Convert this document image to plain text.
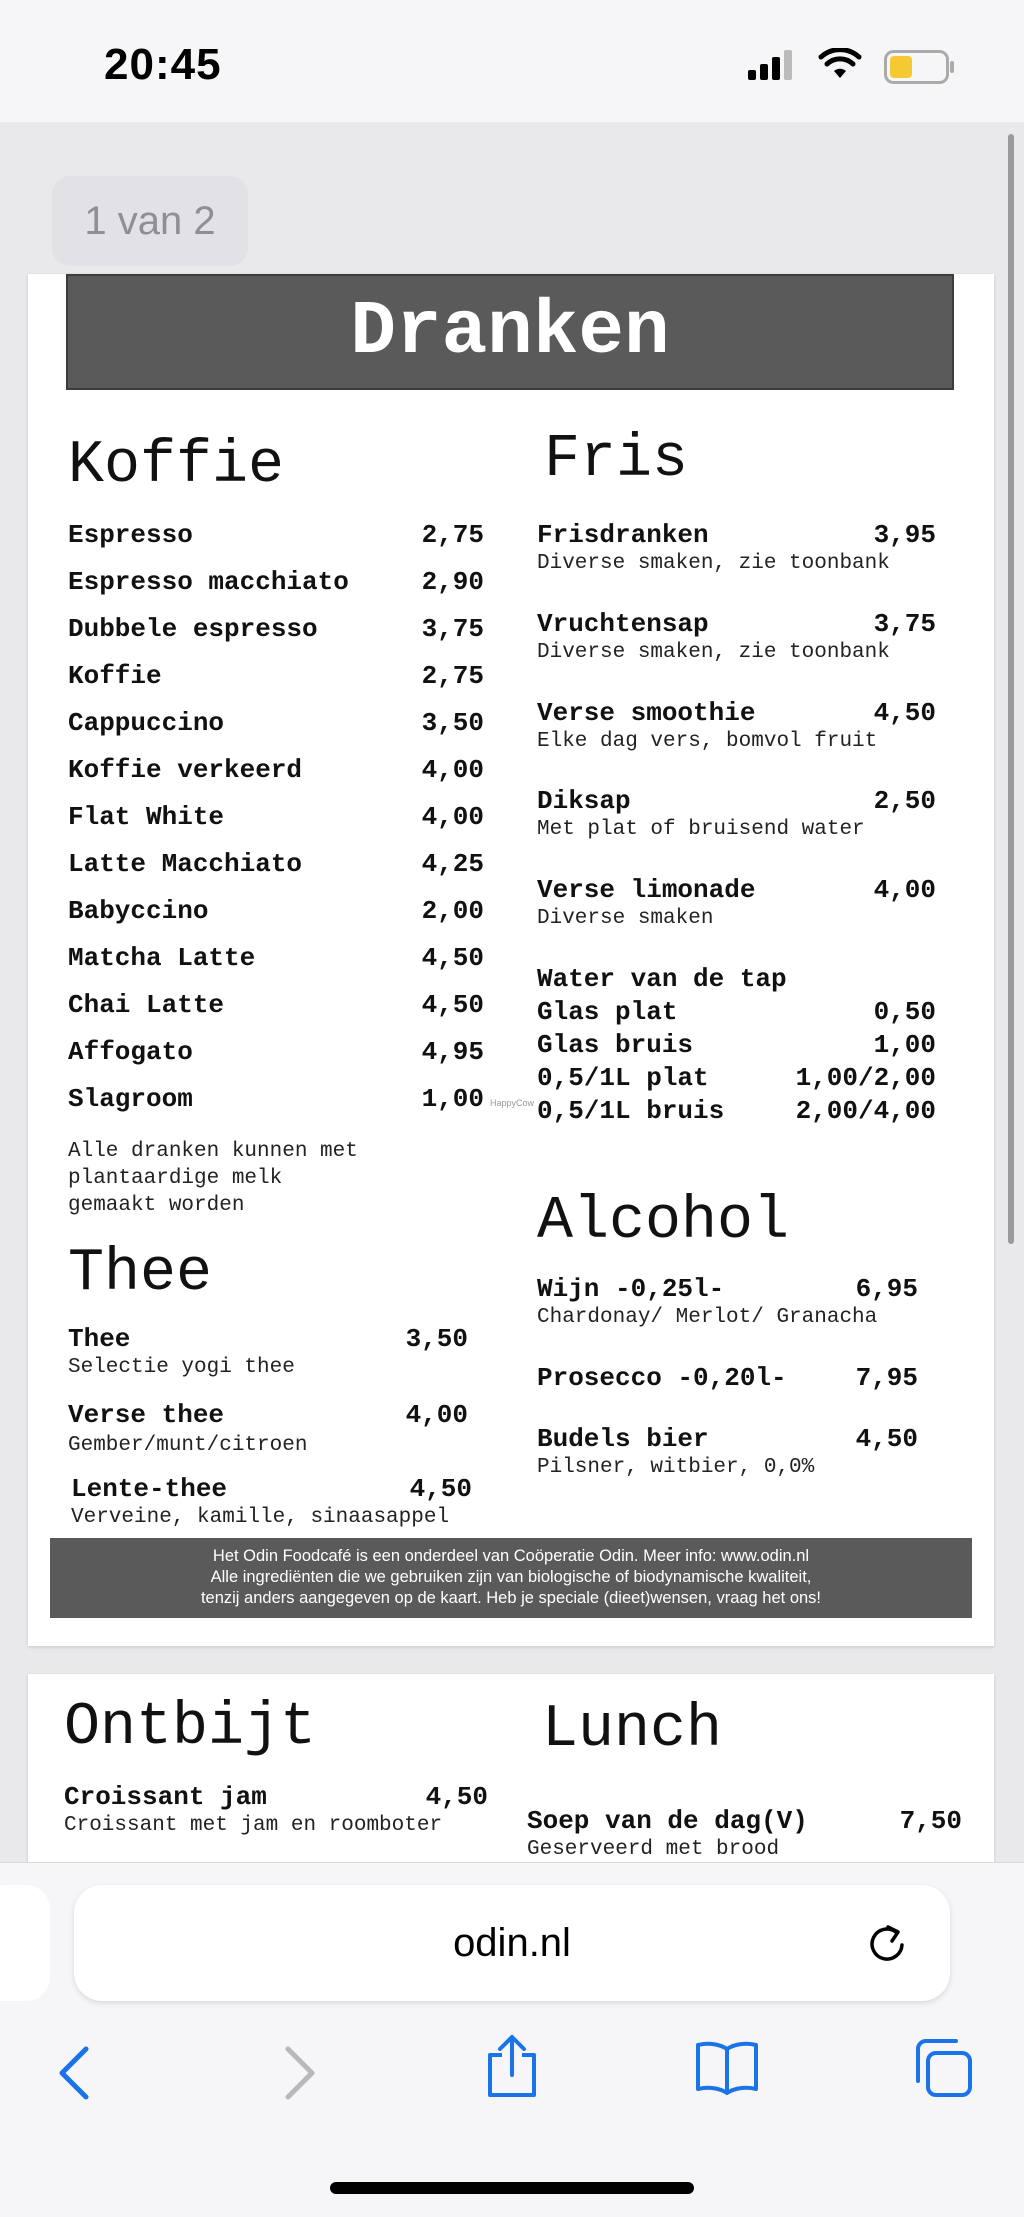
20:45
1 van 2
Dranken
Koffie
Espresso	2,75
Espresso macchiato	2,90
Dubbele espresso	3,75
Koffie	2,75
Cappuccino	3,50
Koffie verkeerd	4,00
Flat White	4,00
Latte Macchiato	4,25
Babyccino	2,00
Matcha Latte	4,50
Chai Latte	4,50
Affogato	4,95
Slagroom	1,00 HappyCow
Alle dranken kunnen met
plantaardige melk
gemaakt worden
Thee
Thee	3,50
Selectie yogi thee
Verse thee	4,00
Gember/munt/citroen
Lente-thee	4,50
Verveine, kamille, sinaasappel
Fris
Frisdranken	3,95
Diverse smaken, zie toonbank
Vruchtensap	3,75
Diverse smaken, zie toonbank
Verse smoothie	4,50
Elke dag vers, bomvol fruit
Diksap	2,50
Met plat of bruisend water
Verse limonade	4,00
Diverse smaken
Water van de tap
Glas plat	0,50
Glas bruis	1,00
0,5/1L plat	1,00/2,00
0,5/1L bruis	2,00/4,00
Alcohol
Wijn -0,25l-	6,95
Chardonay/ Merlot/ Granacha
Prosecco -0,20l-	7,95
Budels bier	4,50
Pilsner, witbier, 0,0%
Het Odin Foodcafé is een onderdeel van Coöperatie Odin. Meer info: www.odin.nl
Alle ingrediënten die we gebruiken zijn van biologische of biodynamische kwaliteit,
tenzij anders aangegeven op de kaart. Heb je speciale (dieet)wensen, vraag het ons!
Ontbijt
Croissant jam	4,50
Croissant met jam en roomboter
Lunch
Soep van de dag(V)	7,50
Geserveerd met brood
odin.nl
